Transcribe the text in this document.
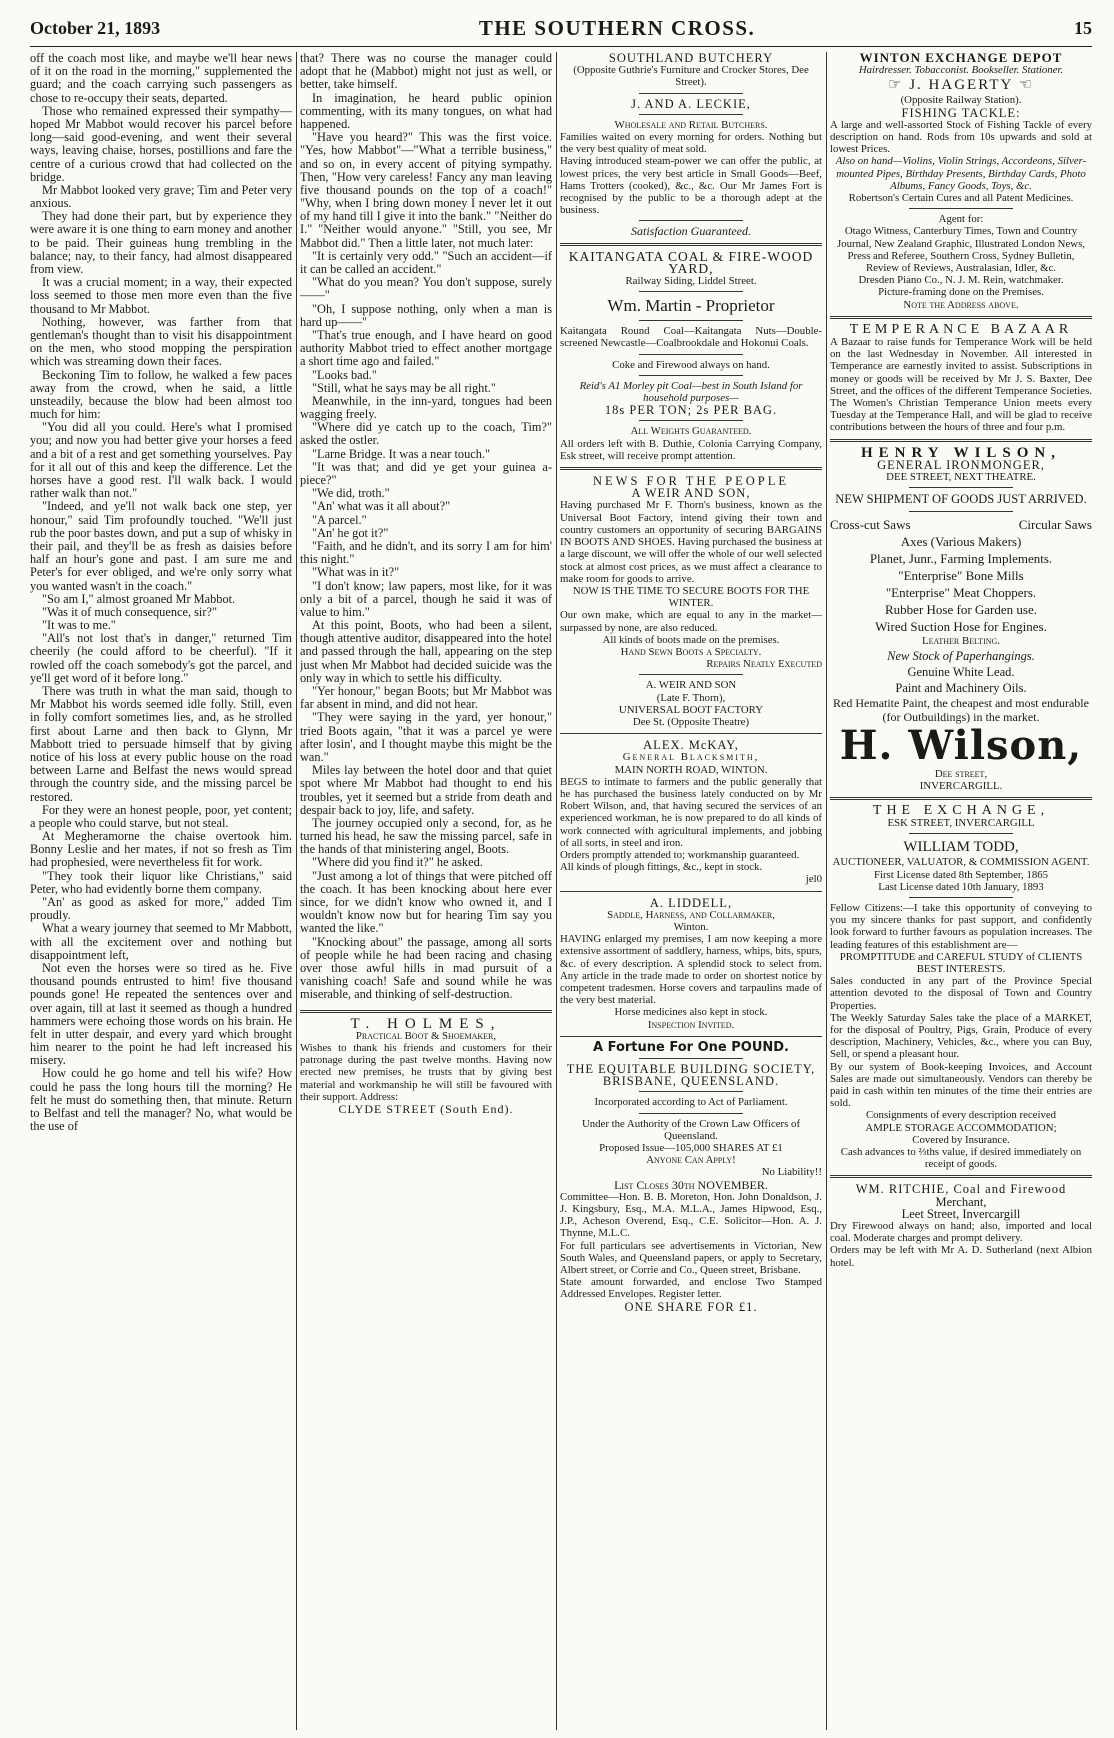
October 21, 1893	THE SOUTHERN CROSS.	15

off the coach most like, and maybe we'll hear news of it on the road in the morning," supplemented the guard; and the coach carrying such passengers as chose to re-occupy their seats, departed.

Those who remained expressed their sympathy—hoped Mr Mabbot would recover his parcel before long—said good-evening, and went their several ways, leaving chaise, horses, postillions and fare the centre of a curious crowd that had collected on the bridge.

Mr Mabbot looked very grave; Tim and Peter very anxious.

They had done their part, but by experience they were aware it is one thing to earn money and another to be paid. Their guineas hung trembling in the balance; nay, to their fancy, had almost disappeared from view.

It was a crucial moment; in a way, their expected loss seemed to those men more even than the five thousand to Mr Mabbot.

Nothing, however, was farther from that gentleman's thought than to visit his disappointment on the men, who stood mopping the perspiration which was streaming down their faces.

Beckoning Tim to follow, he walked a few paces away from the crowd, when he said, a little unsteadily, because the blow had been almost too much for him:

"You did all you could. Here's what I promised you; and now you had better give your horses a feed and a bit of a rest and get something yourselves. Pay for it all out of this and keep the difference. Let the horses have a good rest. I'll walk back. I would rather walk than not."

"Indeed, and ye'll not walk back one step, yer honour," said Tim profoundly touched. "We'll just rub the poor bastes down, and put a sup of whisky in their pail, and they'll be as fresh as daisies before half an hour's gone and past. I am sure me and Peter's for ever obliged, and we're only sorry what you wanted wasn't in the coach."

"So am I," almost groaned Mr Mabbot.

"Was it of much consequence, sir?"

"It was to me."

"All's not lost that's in danger," returned Tim cheerily (he could afford to be cheerful). "If it rowled off the coach somebody's got the parcel, and ye'll get word of it before long."

There was truth in what the man said, though to Mr Mabbot his words seemed idle folly. Still, even in folly comfort sometimes lies, and, as he strolled first about Larne and then back to Glynn, Mr Mabbott tried to persuade himself that by giving notice of his loss at every public house on the road between Larne and Belfast the news would spread through the country side, and the missing parcel be restored.

For they were an honest people, poor, yet content; a people who could starve, but not steal.

At Megheramorne the chaise overtook him. Bonny Leslie and her mates, if not so fresh as Tim had prophesied, were nevertheless fit for work.

"They took their liquor like Christians," said Peter, who had evidently borne them company.

"An' as good as asked for more," added Tim proudly.

What a weary journey that seemed to Mr Mabbott, with all the excitement over and nothing but disappointment left,

Not even the horses were so tired as he. Five thousand pounds entrusted to him! five thousand pounds gone! He repeated the sentences over and over again, till at last it seemed as though a hundred hammers were echoing those words on his brain. He felt in utter despair, and every yard which brought him nearer to the point he had left increased his misery.

How could he go home and tell his wife? How could he pass the long hours till the morning? He felt he must do something then, that minute. Return to Belfast and tell the manager? No, what would be the use of

that? There was no course the manager could adopt that he (Mabbot) might not just as well, or better, take himself.

In imagination, he heard public opinion commenting, with its many tongues, on what had happened.

"Have you heard?" This was the first voice. "Yes, how Mabbot"—"What a terrible business," and so on, in every accent of pitying sympathy. Then, "How very careless! Fancy any man leaving five thousand pounds on the top of a coach!" "Why, when I bring down money I never let it out of my hand till I give it into the bank." "Neither do I." "Neither would anyone." "Still, you see, Mr Mabbot did." Then a little later, not much later:

"It is certainly very odd." "Such an accident—if it can be called an accident."

"What do you mean? You don't suppose, surely——"

"Oh, I suppose nothing, only when a man is hard up——"

"That's true enough, and I have heard on good authority Mabbot tried to effect another mortgage a short time ago and failed."

"Looks bad."

"Still, what he says may be all right."

Meanwhile, in the inn-yard, tongues had been wagging freely.

"Where did ye catch up to the coach, Tim?" asked the ostler.

"Larne Bridge. It was a near touch."

"It was that; and did ye get your guinea a-piece?"

"We did, troth."

"An' what was it all about?"

"A parcel."

"An' he got it?"

"Faith, and he didn't, and its sorry I am for him' this night."

"What was in it?"

"I don't know; law papers, most like, for it was only a bit of a parcel, though he said it was of value to him."

At this point, Boots, who had been a silent, though attentive auditor, disappeared into the hotel and passed through the hall, appearing on the step just when Mr Mabbot had decided suicide was the only way in which to settle his difficulty.

"Yer honour," began Boots; but Mr Mabbot was far absent in mind, and did not hear.

"They were saying in the yard, yer honour," tried Boots again, "that it was a parcel ye were after losin', and I thought maybe this might be the wan."

Miles lay between the hotel door and that quiet spot where Mr Mabbot had thought to end his troubles, yet it seemed but a stride from death and despair back to joy, life, and safety.

The journey occupied only a second, for, as he turned his head, he saw the missing parcel, safe in the hands of that ministering angel, Boots.

"Where did you find it?" he asked.

"Just among a lot of things that were pitched off the coach. It has been knocking about here ever since, for we didn't know who owned it, and I wouldn't know now but for hearing Tim say you wanted the like."

"Knocking about" the passage, among all sorts of people while he had been racing and chasing over those awful hills in mad pursuit of a vanishing coach! Safe and sound while he was miserable, and thinking of self-destruction.

T. HOLMES,

Practical Boot & Shoemaker,

Wishes to thank his friends and customers for their patronage during the past twelve months. Having now erected new premises, he trusts that by giving best material and workmanship he will still be favoured with their support. Address:

CLYDE STREET (South End).

SOUTHLAND BUTCHERY

(Opposite Guthrie's Furniture and Crocker Stores, Dee Street).

J. AND A. LECKIE,

Wholesale and Retail Butchers.

Families waited on every morning for orders. Nothing but the very best quality of meat sold.

Having introduced steam-power we can offer the public, at lowest prices, the very best article in Small Goods—Beef, Hams Trotters (cooked), &c., &c. Our Mr James Fort is recognised by the public to be a thorough adept at the business.

Satisfaction Guaranteed.

KAITANGATA COAL & FIRE-WOOD YARD,

Railway Siding, Liddel Street.

Wm. Martin - Proprietor

Kaitangata Round Coal—Kaitangata Nuts—Double-screened Newcastle—Coalbrookdale and Hokonui Coals.

Coke and Firewood always on hand.

Reid's A1 Morley pit Coal—best in South Island for household purposes—

18s PER TON; 2s PER BAG.

All Weights Guaranteed.

All orders left with B. Duthie, Colonia Carrying Company, Esk street, will receive prompt attention.

NEWS FOR THE PEOPLE

A WEIR AND SON,

Having purchased Mr F. Thorn's business, known as the Universal Boot Factory, intend giving their town and country customers an opportunity of securing BARGAINS IN BOOTS AND SHOES. Having purchased the business at a large discount, we will offer the whole of our well selected stock at almost cost prices, as we must affect a clearance to make room for goods to arrive.

NOW IS THE TIME TO SECURE BOOTS FOR THE WINTER.

Our own make, which are equal to any in the market—surpassed by none, are also reduced.

All kinds of boots made on the premises.

Hand Sewn Boots a Specialty.

Repairs Neatly Executed

A. WEIR AND SON

(Late F. Thorn),

UNIVERSAL BOOT FACTORY

Dee St. (Opposite Theatre)

ALEX. McKAY,

General Blacksmith,

MAIN NORTH ROAD, WINTON.

BEGS to intimate to farmers and the public generally that he has purchased the business lately conducted on by Mr Robert Wilson, and, that having secured the services of an experienced workman, he is now prepared to do all kinds of work connected with agricultural implements, and jobbing of all sorts, in steel and iron.

Orders promptly attended to; workmanship guaranteed.

All kinds of plough fittings, &c., kept in stock.

jel0

A. LIDDELL,

Saddle, Harness, and Collarmaker,

Winton.

HAVING enlarged my premises, I am now keeping a more extensive assortment of saddlery, harness, whips, bits, spurs, &c. of every description. A splendid stock to select from. Any article in the trade made to order on shortest notice by competent tradesmen. Horse covers and tarpaulins made of the very best material.

Horse medicines also kept in stock.

Inspection Invited.

A Fortune For One POUND.

THE EQUITABLE BUILDING SOCIETY, BRISBANE, QUEENSLAND.

Incorporated according to Act of Parliament.

Under the Authority of the Crown Law Officers of Queensland.

Proposed Issue—105,000 SHARES AT £1

Anyone Can Apply!

No Liability!!

List Closes 30th NOVEMBER.

Committee—Hon. B. B. Moreton, Hon. John Donaldson, J. J. Kingsbury, Esq., M.A. M.L.A., James Hipwood, Esq., J.P., Acheson Overend, Esq., C.E. Solicitor—Hon. A. J. Thynne, M.L.C.

For full particulars see advertisements in Victorian, New South Wales, and Queensland papers, or apply to Secretary, Albert street, or Corrie and Co., Queen street, Brisbane.

State amount forwarded, and enclose Two Stamped Addressed Envelopes. Register letter.

ONE SHARE FOR £1.

WINTON EXCHANGE DEPOT

Hairdresser. Tobacconist. Bookseller. Stationer.

☞ J. HAGERTY ☜

(Opposite Railway Station).

FISHING TACKLE:

A large and well-assorted Stock of Fishing Tackle of every description on hand. Rods from 10s upwards and sold at lowest Prices.

Also on hand—Violins, Violin Strings, Accordeons, Silver-mounted Pipes, Birthday Presents, Birthday Cards, Photo Albums, Fancy Goods, Toys, &c.

Robertson's Certain Cures and all Patent Medicines.

Agent for:

Otago Witness, Canterbury Times, Town and Country Journal, New Zealand Graphic, Illustrated London News, Press and Referee, Southern Cross, Sydney Bulletin, Review of Reviews, Australasian, Idler, &c.

Dresden Piano Co., N. J. M. Rein, watchmaker.

Picture-framing done on the Premises.

Note the Address above.

TEMPERANCE BAZAAR

A Bazaar to raise funds for Temperance Work will be held on the last Wednesday in November. All interested in Temperance are earnestly invited to assist. Subscriptions in money or goods will be received by Mr J. S. Baxter, Dee Street, and the offices of the different Temperance Societies. The Women's Christian Temperance Union meets every Tuesday at the Temperance Hall, and will be glad to receive contributions between the hours of three and four p.m.

HENRY WILSON,

GENERAL IRONMONGER,

DEE STREET, NEXT THEATRE.

NEW SHIPMENT OF GOODS JUST ARRIVED.

Cross-cut Saws	Circular Saws

Axes (Various Makers)

Planet, Junr., Farming Implements.

"Enterprise" Bone Mills

"Enterprise" Meat Choppers.

Rubber Hose for Garden use.

Wired Suction Hose for Engines.

Leather Belting.

New Stock of Paperhangings.

Genuine White Lead.

Paint and Machinery Oils.

Red Hematite Paint, the cheapest and most endurable (for Outbuildings) in the market.

H. Wilson,

Dee street,

INVERCARGILL.

THE EXCHANGE,

ESK STREET, INVERCARGILL

WILLIAM TODD,

AUCTIONEER, VALUATOR, & COMMISSION AGENT.

First License dated 8th September, 1865

Last License dated 10th January, 1893

Fellow Citizens:—I take this opportunity of conveying to you my sincere thanks for past support, and confidently look forward to further favours as population increases. The leading features of this establishment are—

PROMPTITUDE and CAREFUL STUDY of CLIENTS BEST INTERESTS.

Sales conducted in any part of the Province Special attention devoted to the disposal of Town and Country Properties.

The Weekly Saturday Sales take the place of a MARKET, for the disposal of Poultry, Pigs, Grain, Produce of every description, Machinery, Vehicles, &c., where you can Buy, Sell, or spend a pleasant hour.

By our system of Book-keeping Invoices, and Account Sales are made out simultaneously. Vendors can thereby be paid in cash within ten minutes of the time their entries are sold.

Consignments of every description received

AMPLE STORAGE ACCOMMODATION;

Covered by Insurance.

Cash advances to ⅔ths value, if desired immediately on receipt of goods.

WM. RITCHIE, Coal and Firewood

Merchant,

Leet Street, Invercargill

Dry Firewood always on hand; also, imported and local coal. Moderate charges and prompt delivery.

Orders may be left with Mr A. D. Sutherland (next Albion hotel.
